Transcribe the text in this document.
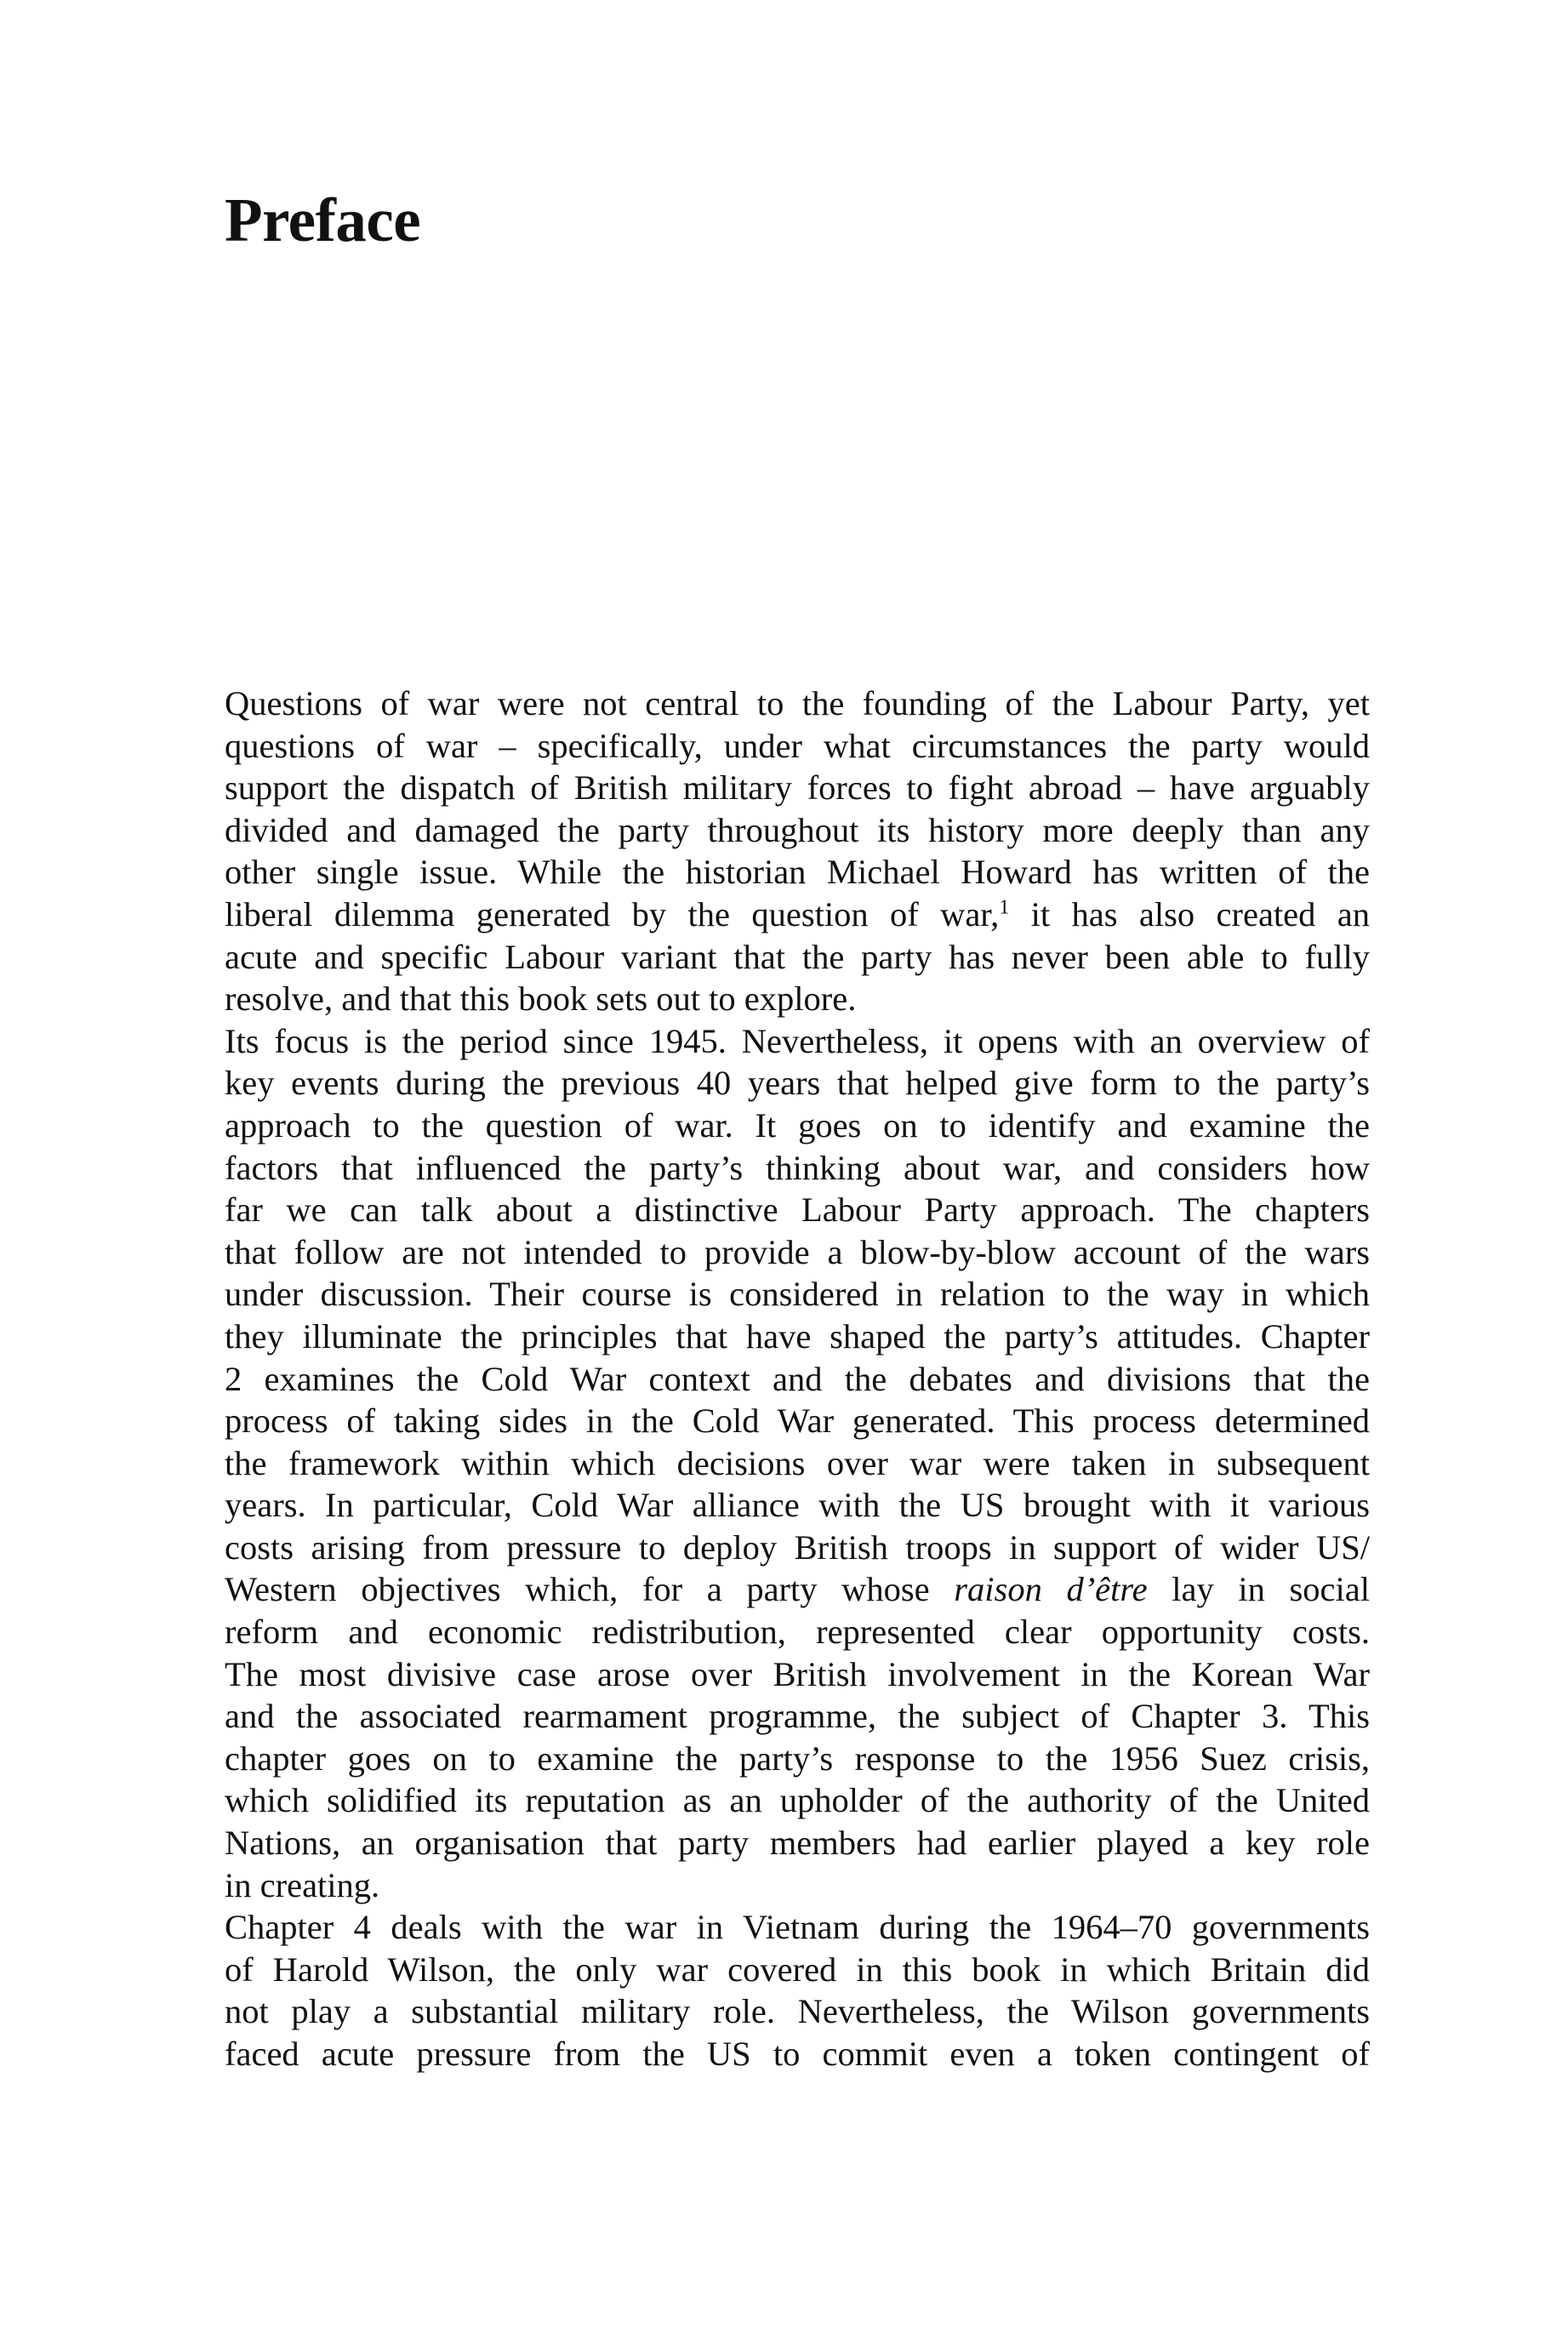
Preface
Questions of war were not central to the founding of the Labour Party, yet
questions of war – specifically, under what circumstances the party would
support the dispatch of British military forces to fight abroad – have arguably
divided and damaged the party throughout its history more deeply than any
other single issue. While the historian Michael Howard has written of the
liberal dilemma generated by the question of war,$^1$ it has also created an
acute and specific Labour variant that the party has never been able to fully
resolve, and that this book sets out to explore.
Its focus is the period since 1945. Nevertheless, it opens with an overview of
key events during the previous 40 years that helped give form to the party’s
approach to the question of war. It goes on to identify and examine the
factors that influenced the party’s thinking about war, and considers how
far we can talk about a distinctive Labour Party approach. The chapters
that follow are not intended to provide a blow-by-blow account of the wars
under discussion. Their course is considered in relation to the way in which
they illuminate the principles that have shaped the party’s attitudes. Chapter
2 examines the Cold War context and the debates and divisions that the
process of taking sides in the Cold War generated. This process determined
the framework within which decisions over war were taken in subsequent
years. In particular, Cold War alliance with the US brought with it various
costs arising from pressure to deploy British troops in support of wider US/
Western objectives which, for a party whose raison d’être lay in social
reform and economic redistribution, represented clear opportunity costs.
The most divisive case arose over British involvement in the Korean War
and the associated rearmament programme, the subject of Chapter 3. This
chapter goes on to examine the party’s response to the 1956 Suez crisis,
which solidified its reputation as an upholder of the authority of the United
Nations, an organisation that party members had earlier played a key role
in creating.
Chapter 4 deals with the war in Vietnam during the 1964–70 governments
of Harold Wilson, the only war covered in this book in which Britain did
not play a substantial military role. Nevertheless, the Wilson governments
faced acute pressure from the US to commit even a token contingent of
